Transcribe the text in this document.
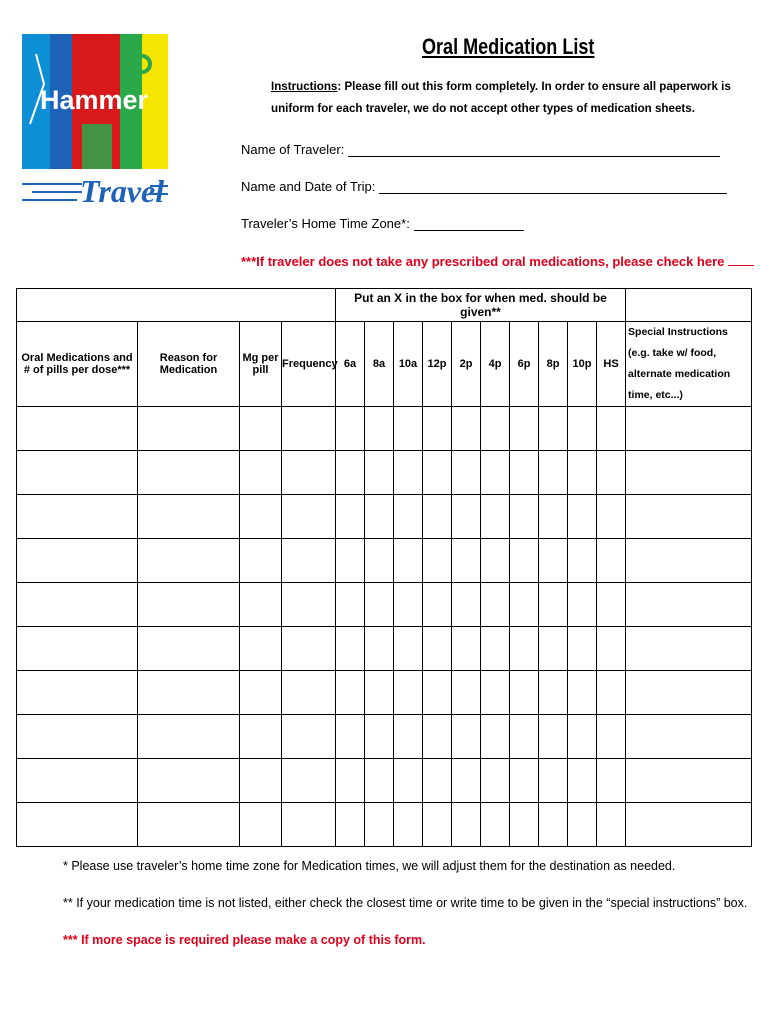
Hammer
Travel
Oral Medication List
Instructions: Please fill out this form completely. In order to ensure all paperwork is uniform for each traveler, we do not accept other types of medication sheets.
Name of Traveler:
Name and Date of Trip:
Traveler’s Home Time Zone*:
***If traveler does not take any prescribed oral medications, please check here
				Put an X in the box for when med. should be given**										
Oral Medications and # of pills per dose***	Reason for Medication	Mg per pill	Frequency	6a	8a	10a	12p	2p	4p	6p	8p	10p	HS	Special Instructions (e.g. take w/ food, alternate medication time, etc...)

* Please use traveler’s home time zone for Medication times, we will adjust them for the destination as needed.
** If your medication time is not listed, either check the closest time or write time to be given in the “special instructions” box.
*** If more space is required please make a copy of this form.
